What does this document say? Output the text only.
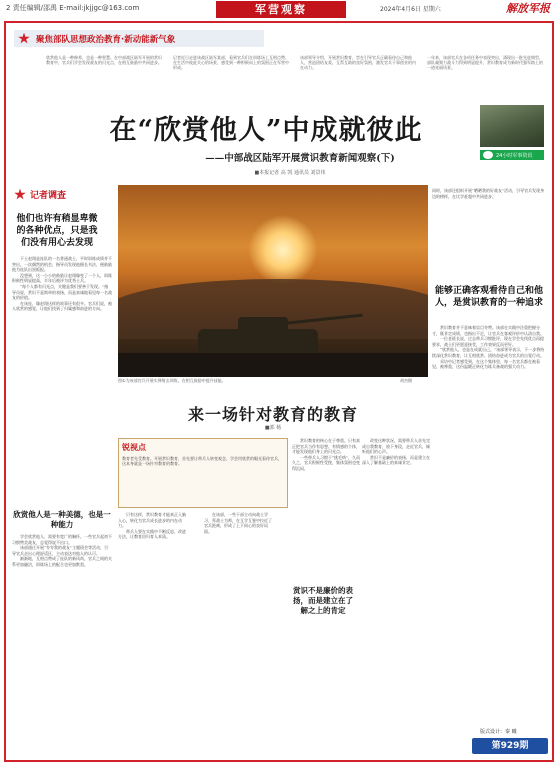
2 责任编辑/邵禹 E-mail:jkjjgc@163.com	军营观察	2024年4月6日 星期六	解放军报
聚焦部队思想政治教育·新动能新气象
欣赏他人是一种修养，也是一种智慧。在中部战区陆军开展的赏识教育中，官兵们学会发现战友的闪光点，在相互鼓励中共同进步。
记者近日走进该战区陆军某部，看到官兵们在训练场上互相点赞、在生活中彼此关心的场景，感受到一种积极向上的氛围正在军营中形成。
该部领导介绍，开展赏识教育，旨在引导官兵正确看待自己和他人，营造团结友爱、互帮互助的良好氛围，激发官兵干事创业的内在动力。
一年来，该部官兵在各项任务中表现突出，涌现出一批先进典型，部队凝聚力战斗力得到明显提升，赏识教育成为新时代强军路上的一道亮丽风景。
24小时军事资讯
在“欣赏他人”中成就彼此
——中部战区陆军开展赏识教育新闻观察(下)
■本报记者 高 凯 通讯员 刘景伟
记者调查
他们也许有稍显卑微的各种优点，只是我们没有用心去发现

下士赵翔是连队的一名普通战士，平时训练成绩并不突出。一次偶然的机会，指导员发现他擅长书法，便鼓励他为连队出黑板报。

没想到，这一小小的鼓励让赵翔像变了一个人，训练积极性明显提高，半年后被评为优秀士兵。

“每个人都有闪光点，关键是我们要善于发现。”指导员说，赏识不是简单的表扬，而是真诚地看见每一名战友的价值。

在该连，像赵翔这样的故事还有很多。官兵们说，被人欣赏的感觉，让他们找到了归属感和前进的方向。

图①为该部官兵开展实弹射击训练，在相互鼓励中提升技能。	胡杰摄

同时，该部还组织开展“晒晒我的好战友”活动，引导官兵发现身边的榜样，在比学赶超中共同进步。

能够正确客观看待自己和他人，是赏识教育的一种追求

赏识教育并不意味着盲目夸赞。该部在实践中注重把握分寸，既肯定成绩，也指出不足，让官兵在客观评价中认清自我。

一位老班长说，过去带兵习惯批评，现在学会先找优点再提要求，战士们更愿意接受，工作效果反而更好。

“欣赏他人，也是在成就自己。”该部领导表示，下一步将持续深化赏识教育，让互相欣赏、团结奋进成为官兵的自觉行动。

采访中记者感受到，在这个集体里，每一名官兵都在被看见、被尊重，这份温暖正转化为练兵备战的强大动力。

来一场针对教育的教育
■郭 杨
锐视点
教育者先受教育。开展赏识教育，首先要让带兵人转变观念，学会用欣赏的眼光看待官兵，这本身就是一场针对教育的教育。

赏识教育的核心在于尊重。只有真正把官兵当作有思想、有情感的个体，才能发现他们身上的闪光点。

一些带兵人习惯于“挑毛病”，久而久之，官兵积极性受挫，集体氛围也变得沉闷。

改变这种状况，需要带兵人首先完成自我教育，放下身段，走近官兵，倾听他们的心声。

赏识不是廉价的表扬，而是建立在深入了解基础上的真诚肯定。

只有这样，赏识教育才能真正入脑入心，转化为官兵成长进步的内在动力。

带兵人要在实践中不断反思、改进方法，让教育回归育人本质。

在该部，一些干部主动向战士学习，拜战士为师，在互学互鉴中拉近了官兵距离，形成了上下同心的良好局面。

赏识不是廉价的表扬，而是建立在了解之上的肯定
欣赏他人是一种美德，也是一种能力

学会欣赏他人，需要有宽广的胸怀。一些官兵起初不习惯赞美战友，总觉得说不出口。

该部通过开展“夸夸我的战友”主题班会等活动，引导官兵走出心理舒适区，主动表达对他人的认可。

渐渐地，互相点赞成了连队的新风尚，官兵之间的关系更加融洽，训练场上的配合也更加默契。

版式设计：秦 曦
第929期
